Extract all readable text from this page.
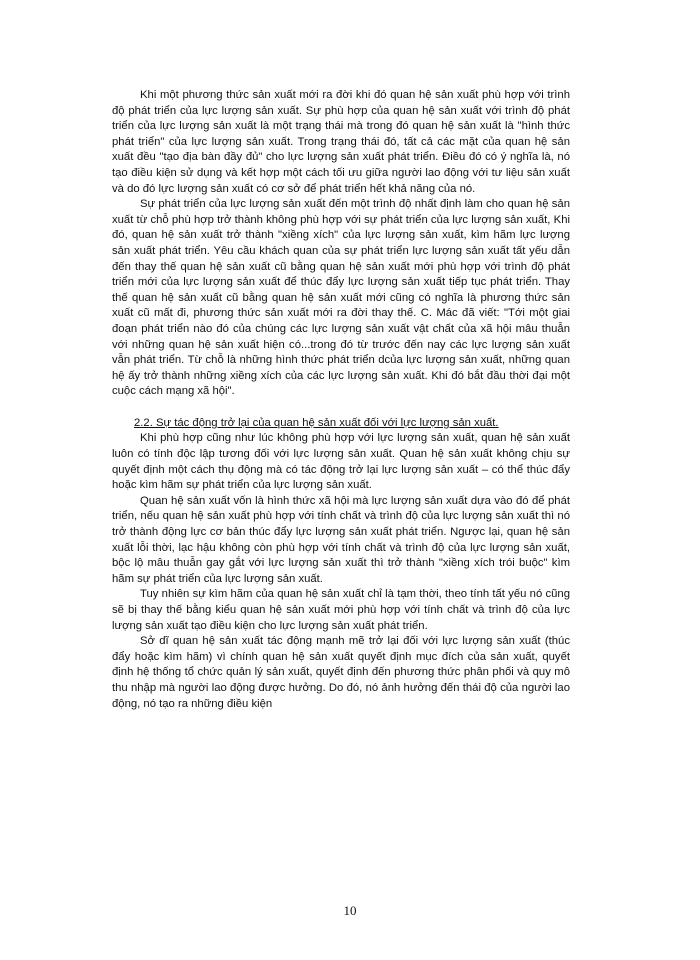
Khi một phương thức sản xuất mới ra đời khi đó quan hệ sản xuất phù hợp với trình độ phát triển của lực lượng sản xuất. Sự phù hợp của quan hệ sản xuất với trình độ phát triển của lực lượng sản xuất là một trạng thái mà trong đó quan hệ sản xuất là "hình thức phát triển" của lực lượng sản xuất. Trong trạng thái đó, tất cả các mặt của quan hệ sản xuất đều "tạo địa bàn đầy đủ" cho lực lượng sản xuất phát triển. Điều đó có ý nghĩa là, nó tạo điều kiện sử dụng và kết hợp một cách tối ưu giữa người lao động với tư liệu sản xuất và do đó lực lượng sản xuất có cơ sở để phát triển hết khả năng của nó.

Sự phát triển của lực lượng sản xuất đến một trình độ nhất định làm cho quan hệ sản xuất từ chỗ phù hợp trở thành không phù hợp với sự phát triển của lực lượng sản xuất, Khi đó, quan hệ sản xuất trở thành "xiềng xích" của lực lượng sản xuất, kìm hãm lực lượng sản xuất phát triển. Yêu cầu khách quan của sự phát triển lực lượng sản xuất tất yếu dẫn đến thay thế quan hệ sản xuất cũ bằng quan hệ sản xuất mới phù hợp với trình độ phát triển mới của lực lượng sản xuất để thúc đẩy lực lượng sản xuất tiếp tục phát triển. Thay thế quan hệ sản xuất cũ bằng quan hệ sản xuất mới cũng có nghĩa là phương thức sản xuất cũ mất đi, phương thức sản xuất mới ra đời thay thế. C. Mác đã viết: "Tới một giai đoạn phát triển nào đó của chúng các lực lượng sản xuất vật chất của xã hội mâu thuẫn với những quan hệ sản xuất hiện có...trong đó từ trước đến nay các lực lượng sản xuất vẫn phát triển. Từ chỗ là những hình thức phát triển dcủa lực lượng sản xuất, những quan hệ ấy trở thành những xiềng xích của các lực lượng sản xuất. Khi đó bắt đầu thời đại một cuộc cách mạng xã hội".

2.2. Sự tác động trở lại của quan hệ sản xuất đối với lực lượng sản xuất.

Khi phù hợp cũng như lúc không phù hợp với lực lượng sản xuất, quan hệ sản xuất luôn có tính độc lập tương đối với lực lượng sản xuất. Quan hệ sản xuất không chịu sự quyết định một cách thụ động mà có tác động trở lại lực lượng sản xuất – có thể thúc đẩy hoặc kìm hãm sự phát triển của lực lượng sản xuất.

Quan hệ sản xuất vốn là hình thức xã hội mà lực lượng sản xuất dựa vào đó để phát triển, nếu quan hệ sản xuất phù hợp với tính chất và trình độ của lực lượng sản xuất thì nó trở thành động lực cơ bản thúc đẩy lực lượng sản xuất phát triển. Ngược lại, quan hệ sản xuất lỗi thời, lạc hậu không còn phù hợp với tính chất và trình độ của lực lượng sản xuất, bộc lộ mâu thuẫn gay gắt với lực lượng sản xuất thì trở thành "xiềng xích trói buộc" kìm hãm sự phát triển của lực lượng sản xuất.

Tuy nhiên sự kìm hãm của quan hệ sản xuất chỉ là tạm thời, theo tính tất yếu nó cũng sẽ bị thay thế bằng kiểu quan hệ sản xuất mới phù hợp với tính chất và trình độ của lực lượng sản xuất tạo điều kiện cho lực lượng sản xuất phát triển.

Sở dĩ quan hệ sản xuất tác động mạnh mẽ trở lại đối với lực lượng sản xuất (thúc đẩy hoặc kìm hãm) vì chính quan hệ sản xuất quyết định mục đích của sản xuất, quyết định hệ thống tổ chức quản lý sản xuất, quyết định đến phương thức phân phối và quy mô thu nhập mà người lao động được hưởng. Do đó, nó ảnh hưởng đến thái độ của người lao động, nó tạo ra những điều kiện

10
